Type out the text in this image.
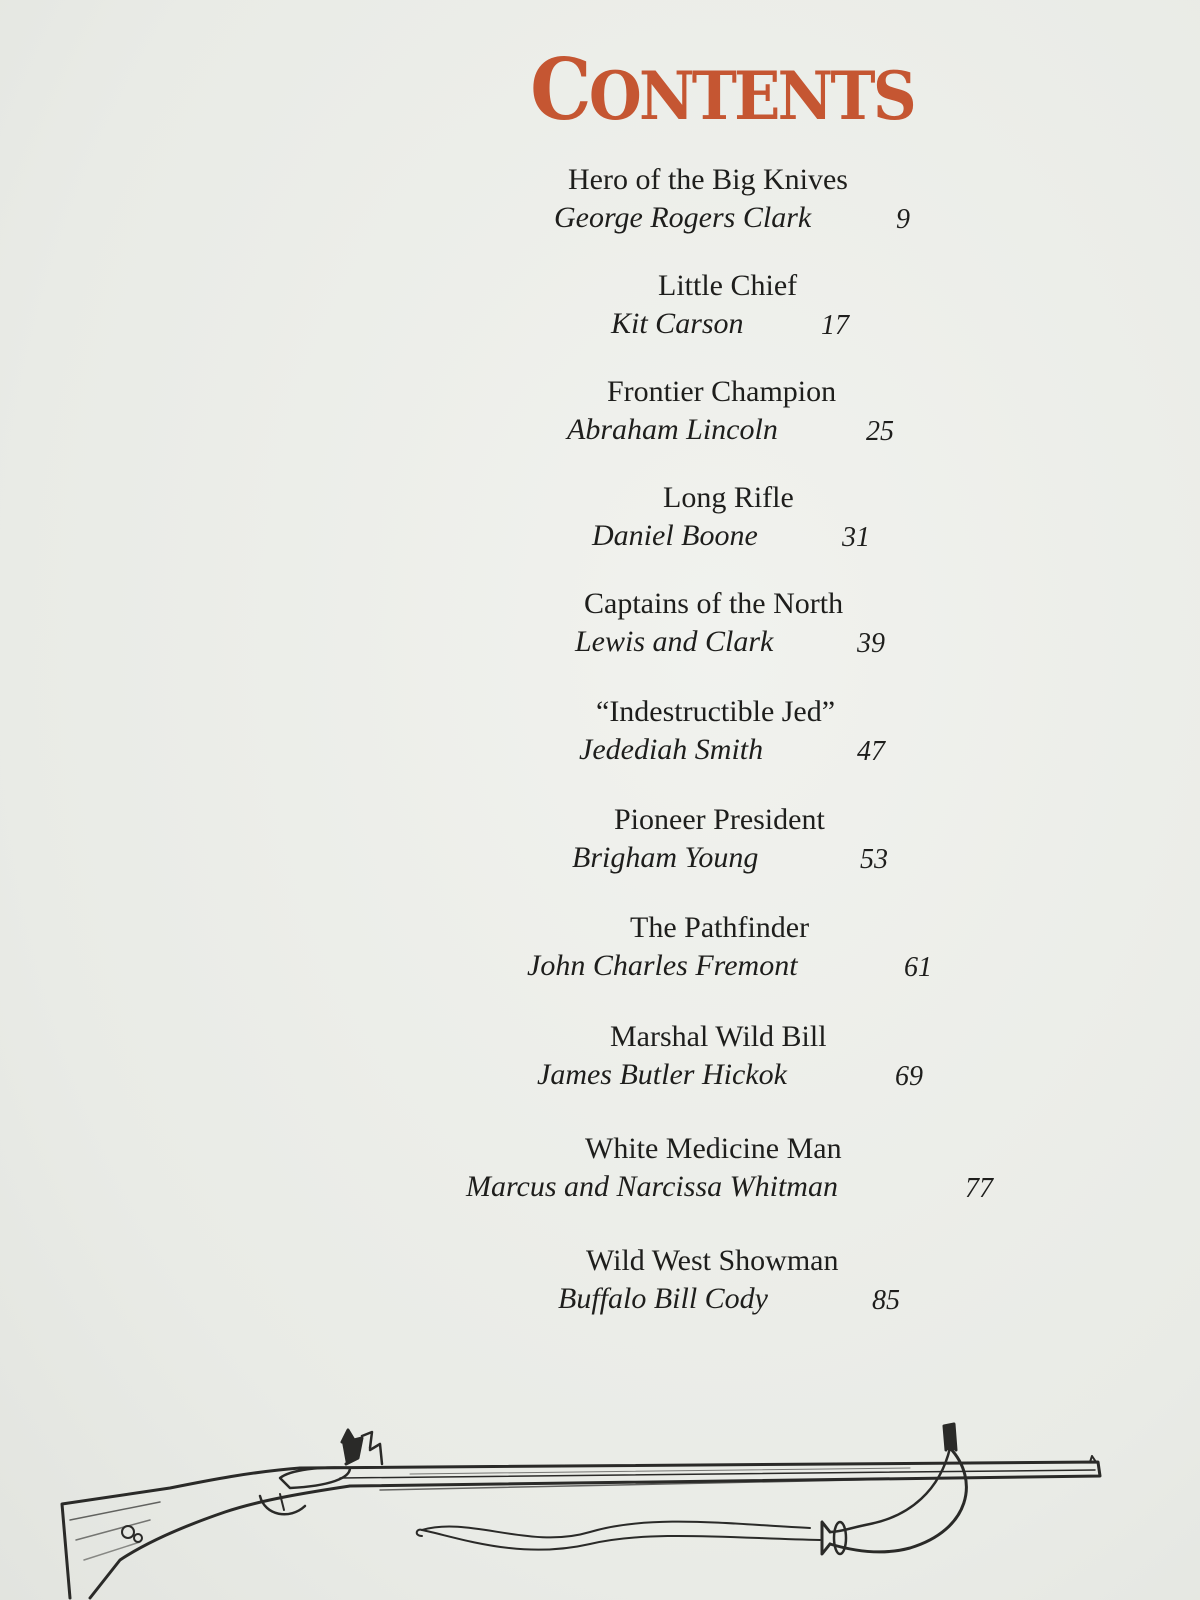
CONTENTS
Hero of the Big Knives
George Rogers Clark	9
Little Chief
Kit Carson	17
Frontier Champion
Abraham Lincoln	25
Long Rifle
Daniel Boone	31
Captains of the North
Lewis and Clark	39
“Indestructible Jed”
Jedediah Smith	47
Pioneer President
Brigham Young	53
The Pathfinder
John Charles Fremont	61
Marshal Wild Bill
James Butler Hickok	69
White Medicine Man
Marcus and Narcissa Whitman	77
Wild West Showman
Buffalo Bill Cody	85
